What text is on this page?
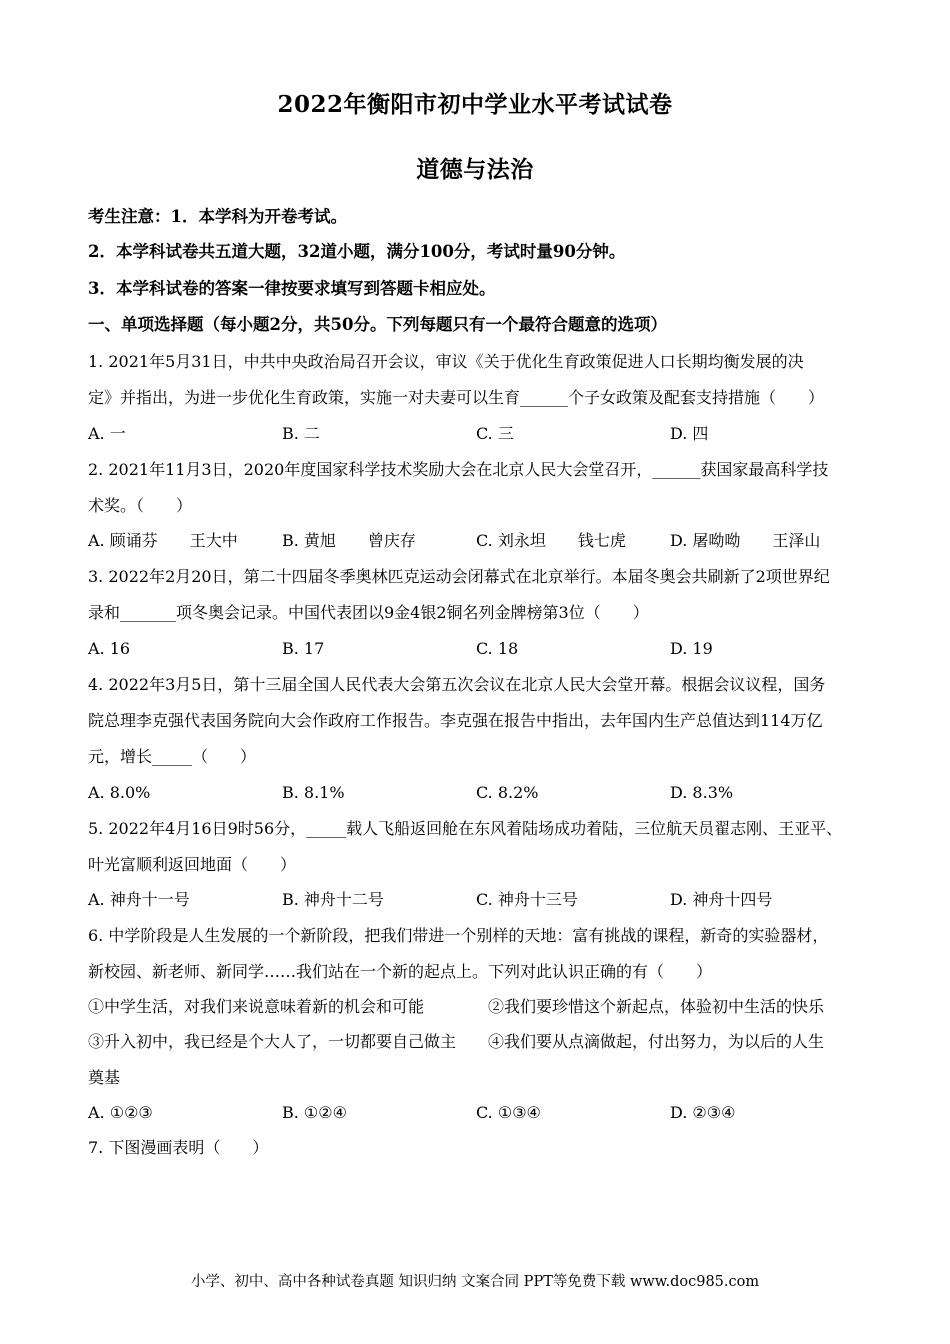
2022年衡阳市初中学业水平考试试卷
道德与法治
考生注意：1．本学科为开卷考试。
2．本学科试卷共五道大题，32道小题，满分100分，考试时量90分钟。
3．本学科试卷的答案一律按要求填写到答题卡相应处。
一、单项选择题（每小题2分，共50分。下列每题只有一个最符合题意的选项）
1. 2021年5月31日，中共中央政治局召开会议，审议《关于优化生育政策促进人口长期均衡发展的决
定》并指出，为进一步优化生育政策，实施一对夫妻可以生育______个子女政策及配套支持措施（　　）
A. 一	B. 二	C. 三	D. 四
2. 2021年11月3日，2020年度国家科学技术奖励大会在北京人民大会堂召开，______获国家最高科学技
术奖。（　　）
A. 顾诵芬　　王大中	B. 黄旭　　曾庆存	C. 刘永坦　　钱七虎	D. 屠呦呦　　王泽山
3. 2022年2月20日，第二十四届冬季奥林匹克运动会闭幕式在北京举行。本届冬奥会共刷新了2项世界纪
录和_______项冬奥会记录。中国代表团以9金4银2铜名列金牌榜第3位（　　）
A. 16	B. 17	C. 18	D. 19
4. 2022年3月5日，第十三届全国人民代表大会第五次会议在北京人民大会堂开幕。根据会议议程，国务
院总理李克强代表国务院向大会作政府工作报告。李克强在报告中指出，去年国内生产总值达到114万亿
元，增长_____（　　）
A. 8.0%	B. 8.1%	C. 8.2%	D. 8.3%
5. 2022年4月16日9时56分，_____载人飞船返回舱在东风着陆场成功着陆，三位航天员翟志刚、王亚平、
叶光富顺利返回地面（　　）
A. 神舟十一号	B. 神舟十二号	C. 神舟十三号	D. 神舟十四号
6. 中学阶段是人生发展的一个新阶段，把我们带进一个别样的天地：富有挑战的课程，新奇的实验器材，
新校园、新老师、新同学……我们站在一个新的起点上。下列对此认识正确的有（　　）
①中学生活，对我们来说意味着新的机会和可能　　　　②我们要珍惜这个新起点，体验初中生活的快乐
③升入初中，我已经是个大人了，一切都要自己做主　　④我们要从点滴做起，付出努力，为以后的人生
奠基
A. ①②③	B. ①②④	C. ①③④	D. ②③④
7. 下图漫画表明（　　）
小学、初中、高中各种试卷真题 知识归纳 文案合同 PPT等免费下载 www.doc985.com
